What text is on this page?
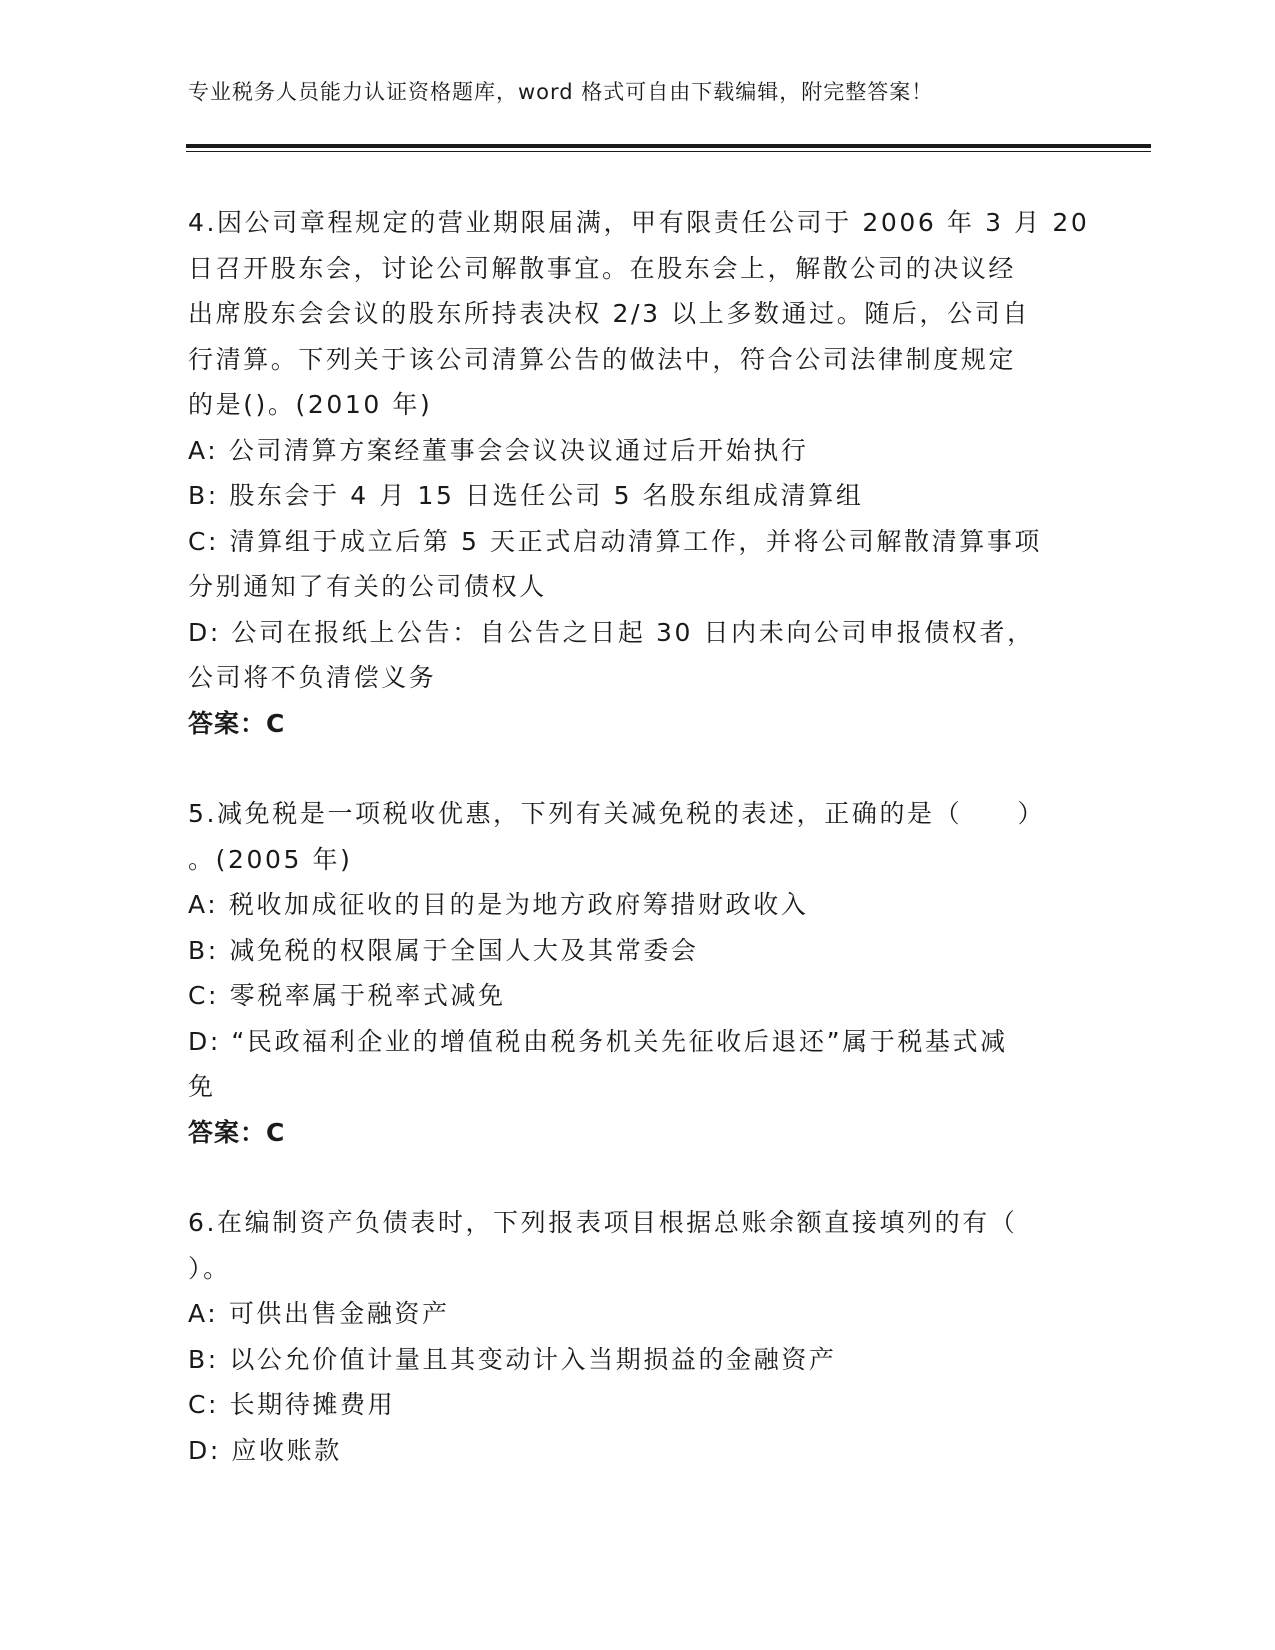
专业税务人员能力认证资格题库，word 格式可自由下载编辑，附完整答案！
4.因公司章程规定的营业期限届满，甲有限责任公司于 2006 年 3 月 20
日召开股东会，讨论公司解散事宜。在股东会上，解散公司的决议经
出席股东会会议的股东所持表决权 2/3 以上多数通过。随后，公司自
行清算。下列关于该公司清算公告的做法中，符合公司法律制度规定
的是()。(2010 年)
A: 公司清算方案经董事会会议决议通过后开始执行
B: 股东会于 4 月 15 日选任公司 5 名股东组成清算组
C: 清算组于成立后第 5 天正式启动清算工作，并将公司解散清算事项
分别通知了有关的公司债权人
D: 公司在报纸上公告：自公告之日起 30 日内未向公司申报债权者，
公司将不负清偿义务
答案：C
5.减免税是一项税收优惠，下列有关减免税的表述，正确的是（　　）
。(2005 年)
A: 税收加成征收的目的是为地方政府筹措财政收入
B: 减免税的权限属于全国人大及其常委会
C: 零税率属于税率式减免
D: “民政福利企业的增值税由税务机关先征收后退还”属于税基式减
免
答案：C
6.在编制资产负债表时，下列报表项目根据总账余额直接填列的有（
）。
A: 可供出售金融资产
B: 以公允价值计量且其变动计入当期损益的金融资产
C: 长期待摊费用
D: 应收账款
